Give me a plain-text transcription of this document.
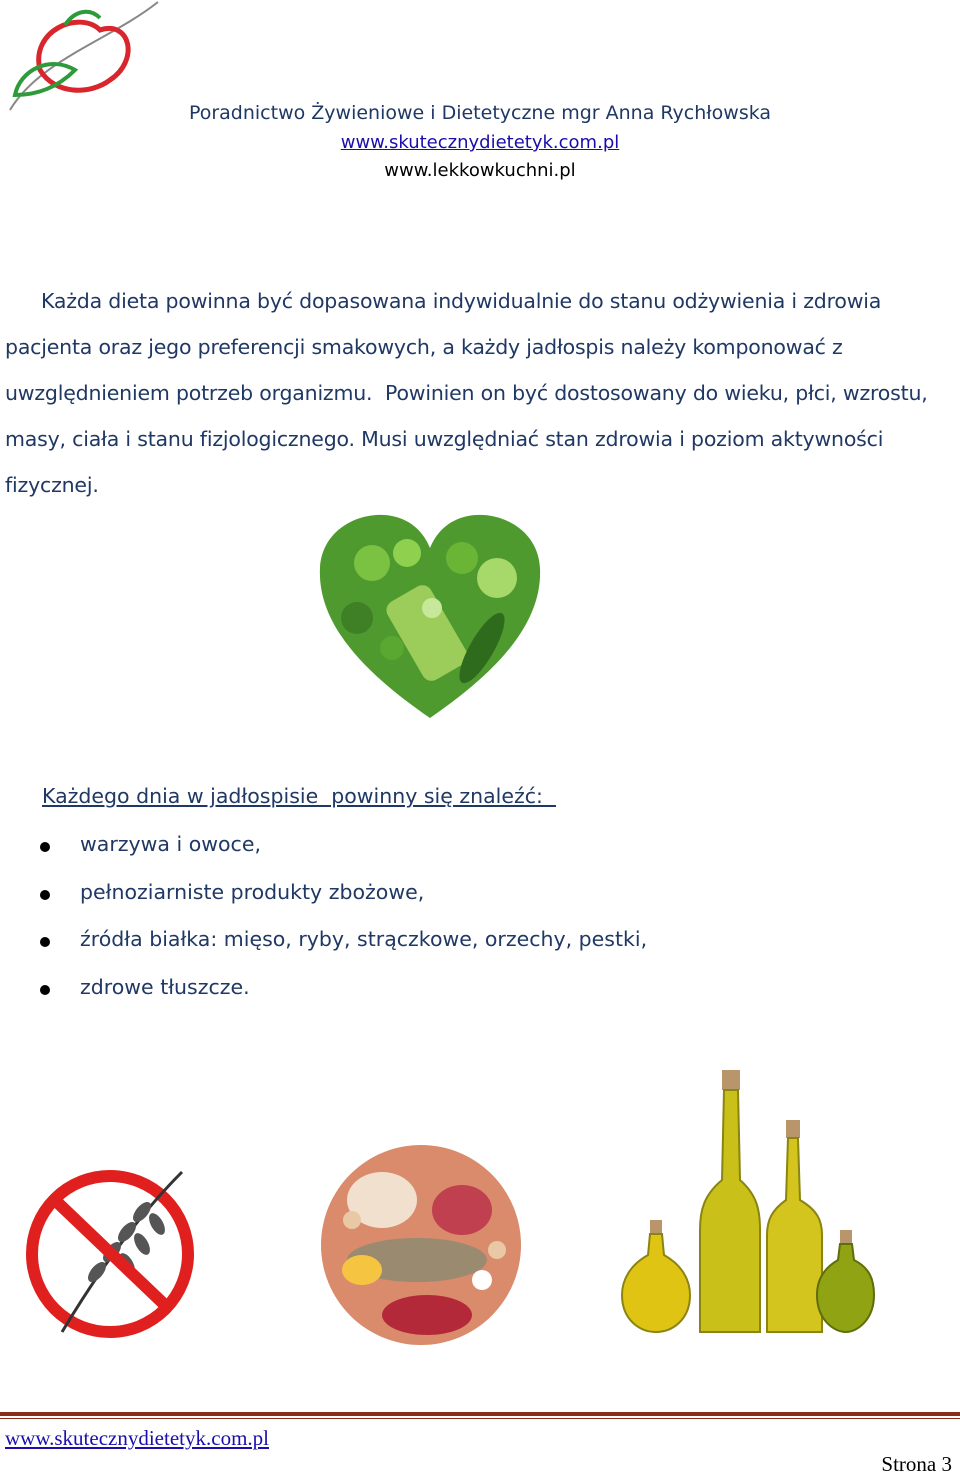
Poradnictwo Żywieniowe i Dietetyczne mgr Anna Rychłowska
www.skutecznydietetyk.com.pl
www.lekkowkuchni.pl
Każda dieta powinna być dopasowana indywidualnie do stanu odżywienia i zdrowia
pacjenta oraz jego preferencji smakowych, a każdy jadłospis należy komponować z
uwzględnieniem potrzeb organizmu.  Powinien on być dostosowany do wieku, płci, wzrostu,
masy, ciała i stanu fizjologicznego. Musi uwzględniać stan zdrowia i poziom aktywności
fizycznej.
Każdego dnia w jadłospisie  powinny się znaleźć:
warzywa i owoce,
pełnoziarniste produkty zbożowe,
źródła białka: mięso, ryby, strączkowe, orzechy, pestki,
zdrowe tłuszcze.
www.skutecznydietetyk.com.pl
Strona 3
